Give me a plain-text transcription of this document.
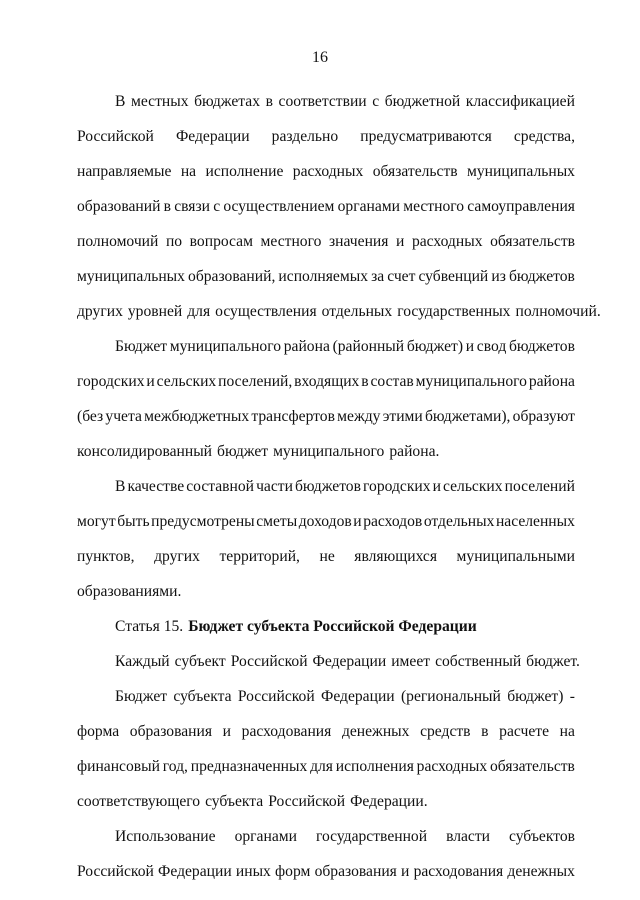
16
В местных бюджетах в соответствии с бюджетной классификацией
Российской Федерации раздельно предусматриваются средства,
направляемые на исполнение расходных обязательств муниципальных
образований в связи с осуществлением органами местного самоуправления
полномочий по вопросам местного значения и расходных обязательств
муниципальных образований, исполняемых за счет субвенций из бюджетов
других уровней для осуществления отдельных государственных полномочий.
Бюджет муниципального района (районный бюджет) и свод бюджетов
городских и сельских поселений, входящих в состав муниципального района
(без учета межбюджетных трансфертов между этими бюджетами), образуют
консолидированный бюджет муниципального района.
В качестве составной части бюджетов городских и сельских поселений
могут быть предусмотрены сметы доходов и расходов отдельных населенных
пунктов, других территорий, не являющихся муниципальными
образованиями.
Статья 15. Бюджет субъекта Российской Федерации
Каждый субъект Российской Федерации имеет собственный бюджет.
Бюджет субъекта Российской Федерации (региональный бюджет) -
форма образования и расходования денежных средств в расчете на
финансовый год, предназначенных для исполнения расходных обязательств
соответствующего субъекта Российской Федерации.
Использование органами государственной власти субъектов
Российской Федерации иных форм образования и расходования денежных
